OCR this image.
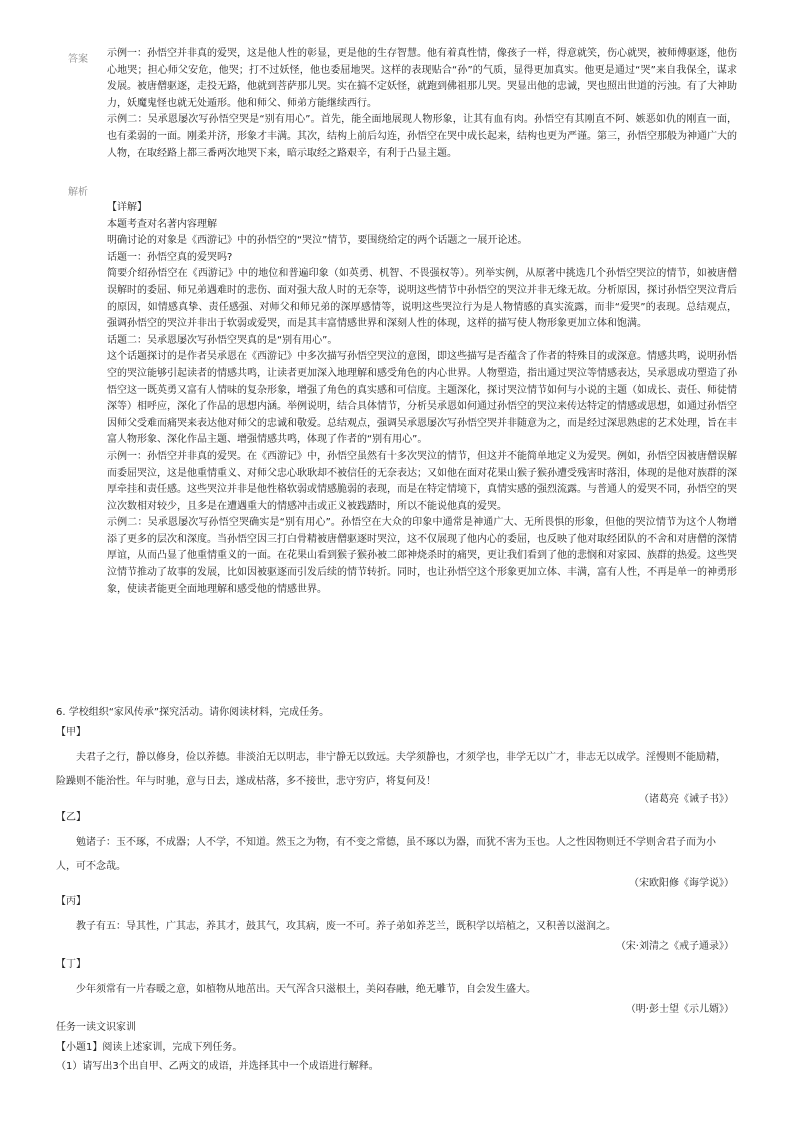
答案

示例一：孙悟空并非真的爱哭，这是他人性的彰显，更是他的生存智慧。他有着真性情，像孩子一样，得意就笑，伤心就哭，被师傅驱逐，他伤心地哭；担心师父安危，他哭；打不过妖怪，他也委屈地哭。这样的表现贴合“孙”的气质，显得更加真实。他更是通过“哭”来自我保全，谋求发展。被唐僧驱逐，走投无路，他就到菩萨那儿哭。实在搞不定妖怪，就跑到佛祖那儿哭。哭显出他的忠诚，哭也照出世道的污浊。有了大神助力，妖魔鬼怪也就无处遁形。他和师父、师弟方能继续西行。

示例二：吴承恩屡次写孙悟空哭是“别有用心”。首先，能全面地展现人物形象，让其有血有肉。孙悟空有其刚直不阿、嫉恶如仇的刚直一面，也有柔弱的一面。刚柔并济，形象才丰满。其次，结构上前后勾连，孙悟空在哭中成长起来，结构也更为严谨。第三，孙悟空那般为神通广大的人物，在取经路上都三番两次地哭下来，暗示取经之路艰辛，有利于凸显主题。

解析

【详解】

本题考查对名著内容理解

明确讨论的对象是《西游记》中的孙悟空的“哭泣”情节，要围绕给定的两个话题之一展开论述。

话题一：孙悟空真的爱哭吗?

简要介绍孙悟空在《西游记》中的地位和普遍印象（如英勇、机智、不畏强权等）。列举实例，从原著中挑选几个孙悟空哭泣的情节，如被唐僧误解时的委屈、师兄弟遇难时的悲伤、面对强大敌人时的无奈等，说明这些情节中孙悟空的哭泣并非无缘无故。分析原因，探讨孙悟空哭泣背后的原因，如情感真挚、责任感强、对师父和师兄弟的深厚感情等，说明这些哭泣行为是人物情感的真实流露，而非“爱哭”的表现。总结观点，强调孙悟空的哭泣并非出于软弱或爱哭，而是其丰富情感世界和深刻人性的体现，这样的描写使人物形象更加立体和饱满。

话题二：吴承恩屡次写孙悟空哭真的是“别有用心”。

这个话题探讨的是作者吴承恩在《西游记》中多次描写孙悟空哭泣的意图，即这些描写是否蕴含了作者的特殊目的或深意。情感共鸣，说明孙悟空的哭泣能够引起读者的情感共鸣，让读者更加深入地理解和感受角色的内心世界。人物塑造，指出通过哭泣等情感表达，吴承恩成功塑造了孙悟空这一既英勇又富有人情味的复杂形象，增强了角色的真实感和可信度。主题深化，探讨哭泣情节如何与小说的主题（如成长、责任、师徒情深等）相呼应，深化了作品的思想内涵。举例说明，结合具体情节，分析吴承恩如何通过孙悟空的哭泣来传达特定的情感或思想，如通过孙悟空因师父受难而痛哭来表达他对师父的忠诚和敬爱。总结观点，强调吴承恩屡次写孙悟空哭并非随意为之，而是经过深思熟虑的艺术处理，旨在丰富人物形象、深化作品主题、增强情感共鸣，体现了作者的“别有用心”。

示例一：孙悟空并非真的爱哭。在《西游记》中，孙悟空虽然有十多次哭泣的情节，但这并不能简单地定义为爱哭。例如，孙悟空因被唐僧误解而委屈哭泣，这是他重情重义、对师父忠心耿耿却不被信任的无奈表达；又如他在面对花果山猴子猴孙遭受残害时落泪，体现的是他对族群的深厚牵挂和责任感。这些哭泣并非是他性格软弱或情感脆弱的表现，而是在特定情境下，真情实感的强烈流露。与普通人的爱哭不同，孙悟空的哭泣次数相对较少，且多是在遭遇重大的情感冲击或正义被践踏时，所以不能说他真的爱哭。

示例二：吴承恩屡次写孙悟空哭确实是“别有用心”。孙悟空在大众的印象中通常是神通广大、无所畏惧的形象，但他的哭泣情节为这个人物增添了更多的层次和深度。当孙悟空因三打白骨精被唐僧驱逐时哭泣，这不仅展现了他内心的委屈，也反映了他对取经团队的不舍和对唐僧的深情厚谊，从而凸显了他重情重义的一面。在花果山看到猴子猴孙被二郎神烧杀时的痛哭，更让我们看到了他的悲悯和对家园、族群的热爱。这些哭泣情节推动了故事的发展，比如因被驱逐而引发后续的情节转折。同时，也让孙悟空这个形象更加立体、丰满，富有人性，不再是单一的神勇形象，使读者能更全面地理解和感受他的情感世界。

6. 学校组织“家风传承”探究活动。请你阅读材料，完成任务。

【甲】

夫君子之行，静以修身，俭以养德。非淡泊无以明志，非宁静无以致远。夫学须静也，才须学也，非学无以广才，非志无以成学。淫慢则不能励精，险躁则不能治性。年与时驰，意与日去，遂成枯落，多不接世，悲守穷庐，将复何及！

（诸葛亮《诫子书》）

【乙】

勉诸子：玉不琢，不成器；人不学，不知道。然玉之为物，有不变之常德，虽不琢以为器，而犹不害为玉也。人之性因物则迁不学则舍君子而为小人，可不念哉。

（宋欧阳修《诲学说》）

【丙】

教子有五：导其性，广其志，养其才，鼓其气，攻其病，废一不可。养子弟如养芝兰，既积学以培植之，又积善以滋润之。

（宋·刘清之《戒子通录》）

【丁】

少年须常有一片春暖之意，如植物从地茁出。天气浑含只滋根土，美闷春融，绝无雕节，自会发生盛大。

（明·彭士望《示儿婿》）

任务一读文识家训

【小题1】阅读上述家训，完成下列任务。

（1）请写出3个出自甲、乙两文的成语，并选择其中一个成语进行解释。
